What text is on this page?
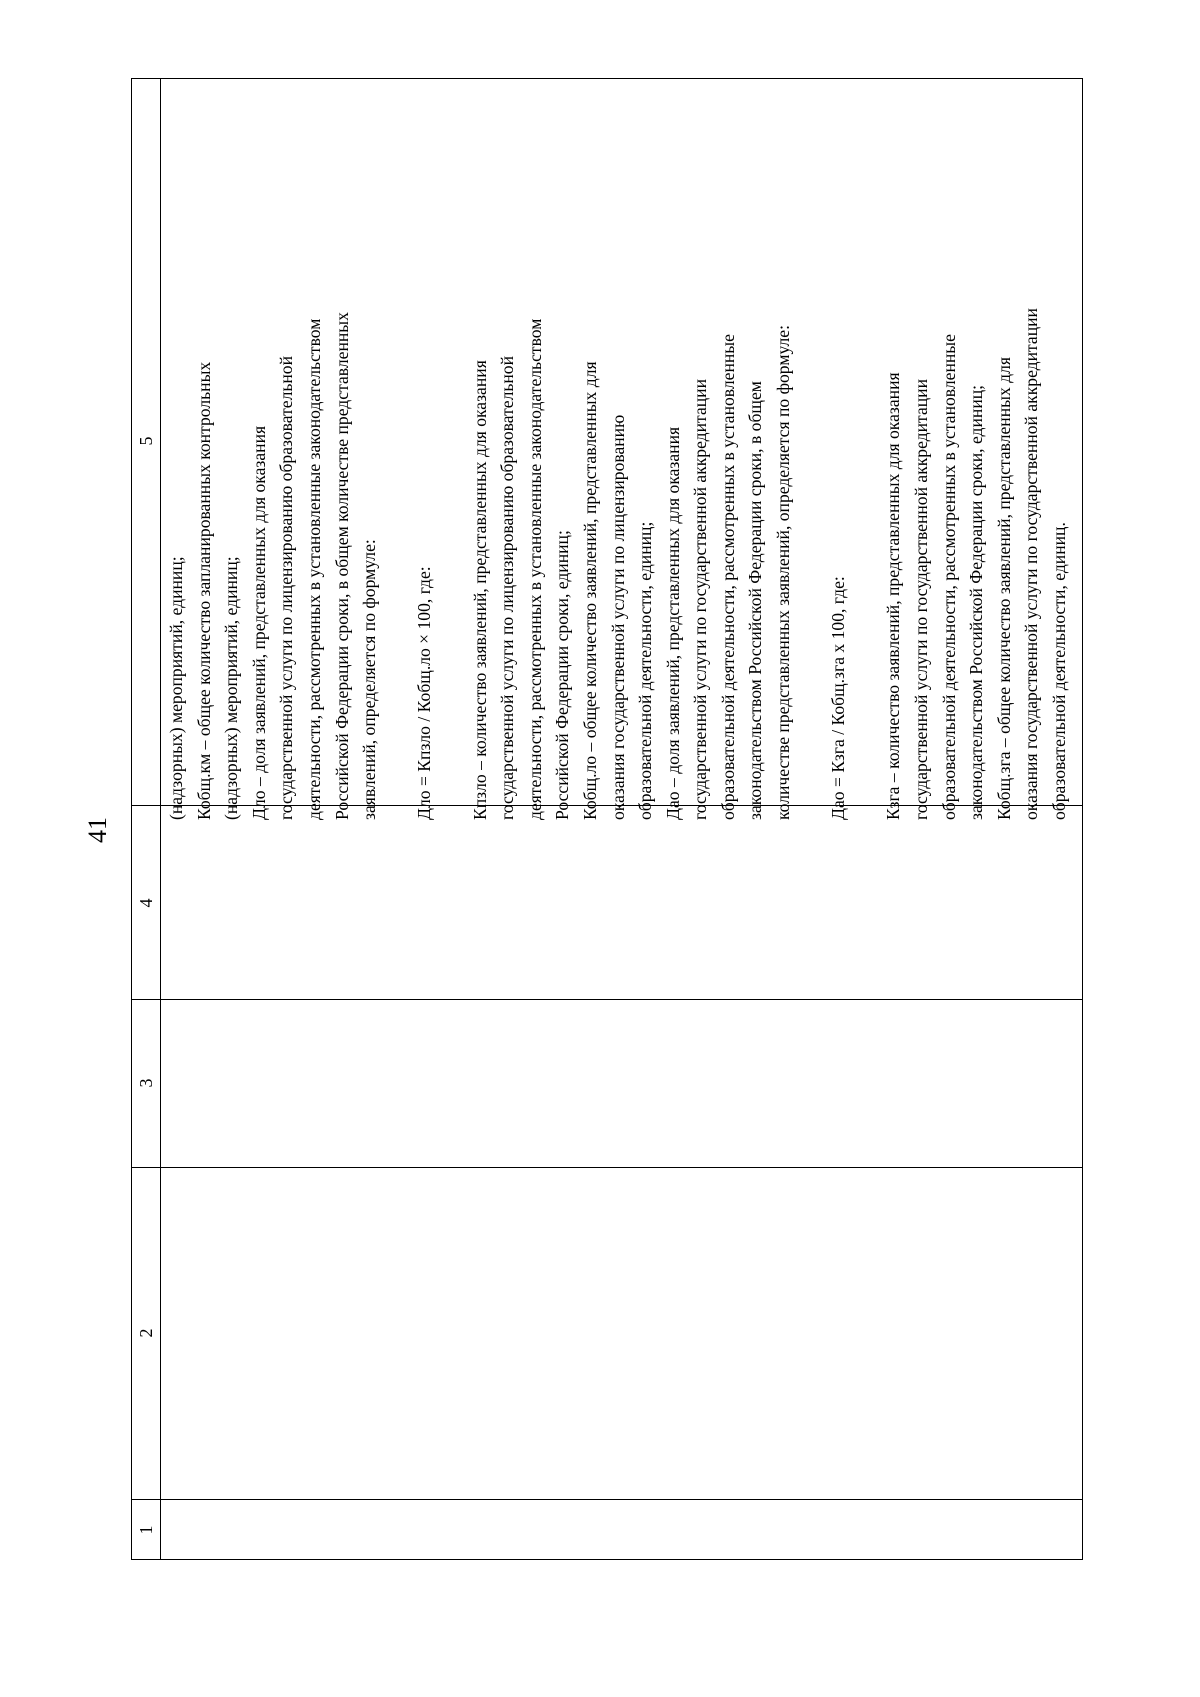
41
5
4
3
2
1
(надзорных) мероприятий, единиц; Кобщ.км – общее количество запланированных контрольных (надзорных) мероприятий, единиц; Длo – доля заявлений, представленных для оказания государственной услуги по лицензированию образовательной деятельности, рассмотренных в установленные законодательством Российской Федерации сроки, в общем количестве представленных заявлений, определяется по формуле: Длo = Кпзло / Кобщ.ло × 100, где: Кпзло – количество заявлений, представленных для оказания государственной услуги по лицензированию образовательной деятельности, рассмотренных в установленные законодательством Российской Федерации сроки, единиц; Кобщ.ло – общее количество заявлений, представленных для оказания государственной услуги по лицензированию образовательной деятельности, единиц; Дао – доля заявлений, представленных для оказания государственной услуги по государственной аккредитации образовательной деятельности, рассмотренных в установленные законодательством Российской Федерации сроки, в общем количестве представленных заявлений, определяется по формуле: Дао = Кзга / Кобщ.зга х 100, где: Кзга – количество заявлений, представленных для оказания государственной услуги по государственной аккредитации образовательной деятельности, рассмотренных в установленные законодательством Российской Федерации сроки, единиц; Кобщ.зга – общее количество заявлений, представленных для оказания государственной услуги по государственной аккредитации образовательной деятельности, единиц.
